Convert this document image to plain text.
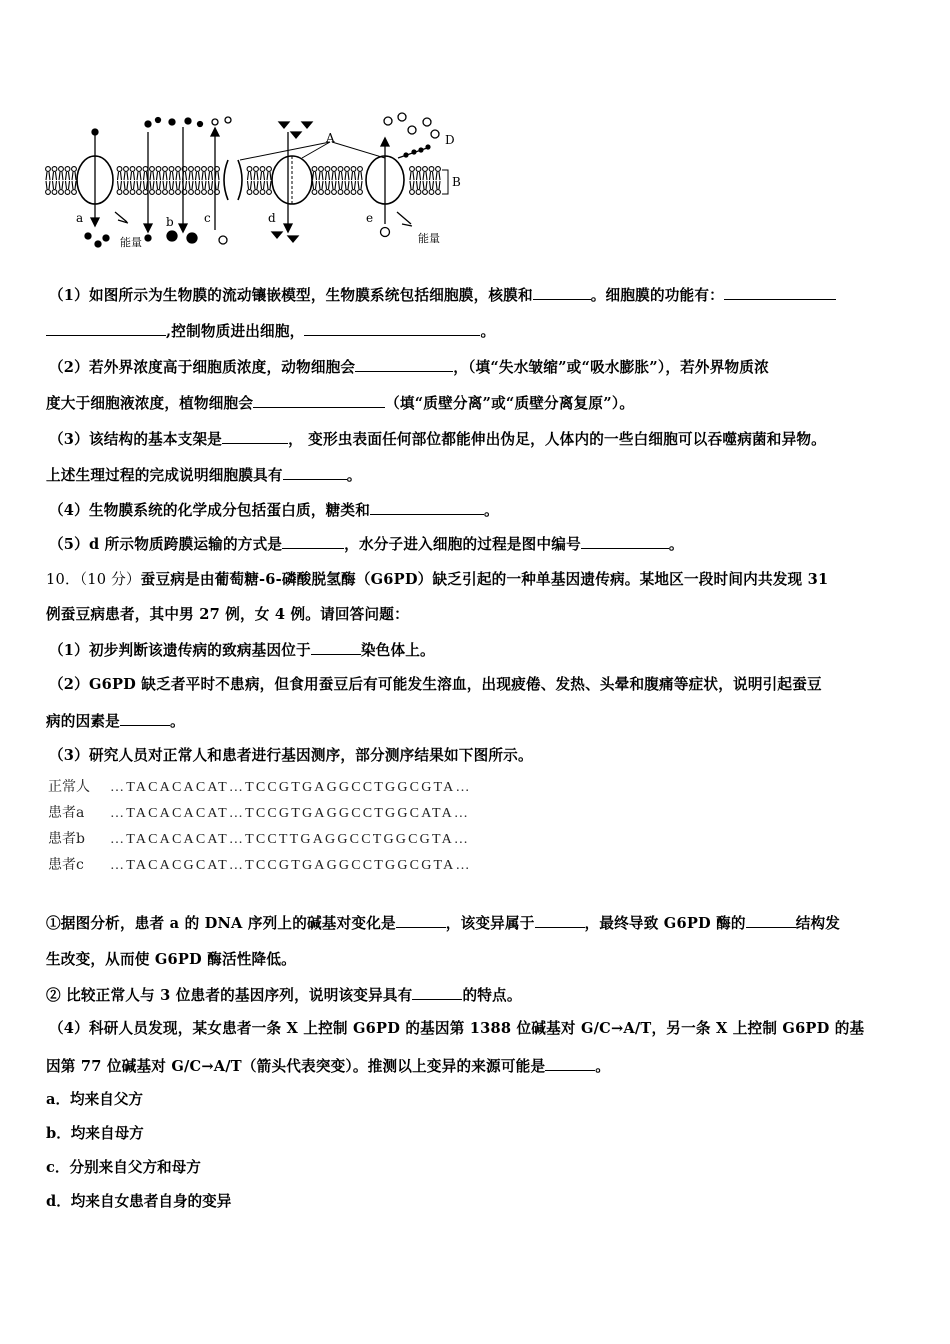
A
B
D
a	b	c	d	e
能量	能量
（1）如图所示为生物膜的流动镶嵌模型，生物膜系统包括细胞膜，核膜和	。细胞膜的功能有：
,控制物质进出细胞，	。
（2）若外界浓度高于细胞质浓度，动物细胞会	，（填“失水皱缩”或“吸水膨胀”），若外界物质浓
度大于细胞液浓度，植物细胞会	（填“质壁分离”或“质壁分离复原”）。
（3）该结构的基本支架是	， 变形虫表面任何部位都能伸出伪足，人体内的一些白细胞可以吞噬病菌和异物。
上述生理过程的完成说明细胞膜具有	。
（4）生物膜系统的化学成分包括蛋白质，糖类和	。
（5）d 所示物质跨膜运输的方式是	，水分子进入细胞的过程是图中编号	。
10．（10 分）蚕豆病是由葡萄糖-6-磷酸脱氢酶（G6PD）缺乏引起的一种单基因遗传病。某地区一段时间内共发现 31
例蚕豆病患者，其中男 27 例，女 4 例。请回答问题：
（1）初步判断该遗传病的致病基因位于	染色体上。
（2）G6PD 缺乏者平时不患病，但食用蚕豆后有可能发生溶血，出现疲倦、发热、头晕和腹痛等症状，说明引起蚕豆
病的因素是	。
（3）研究人员对正常人和患者进行基因测序，部分测序结果如下图所示。
正常人 …TACACACAT…TCCGTGAGGCCTGGCGTA…
患者a …TACACACAT…TCCGTGAGGCCTGGCATA…
患者b …TACACACAT…TCCTTGAGGCCTGGCGTA…
患者c …TACACGCAT…TCCGTGAGGCCTGGCGTA…
①据图分析，患者 a 的 DNA 序列上的碱基对变化是	，该变异属于	，最终导致 G6PD 酶的	结构发
生改变，从而使 G6PD 酶活性降低。
② 比较正常人与 3 位患者的基因序列，说明该变异具有	的特点。
（4）科研人员发现，某女患者一条 X 上控制 G6PD 的基因第 1388 位碱基对 G/C→A/T，另一条 X 上控制 G6PD 的基
因第 77 位碱基对 G/C→A/T（箭头代表突变）。推测以上变异的来源可能是	。
a．均来自父方
b．均来自母方
c．分别来自父方和母方
d．均来自女患者自身的变异
